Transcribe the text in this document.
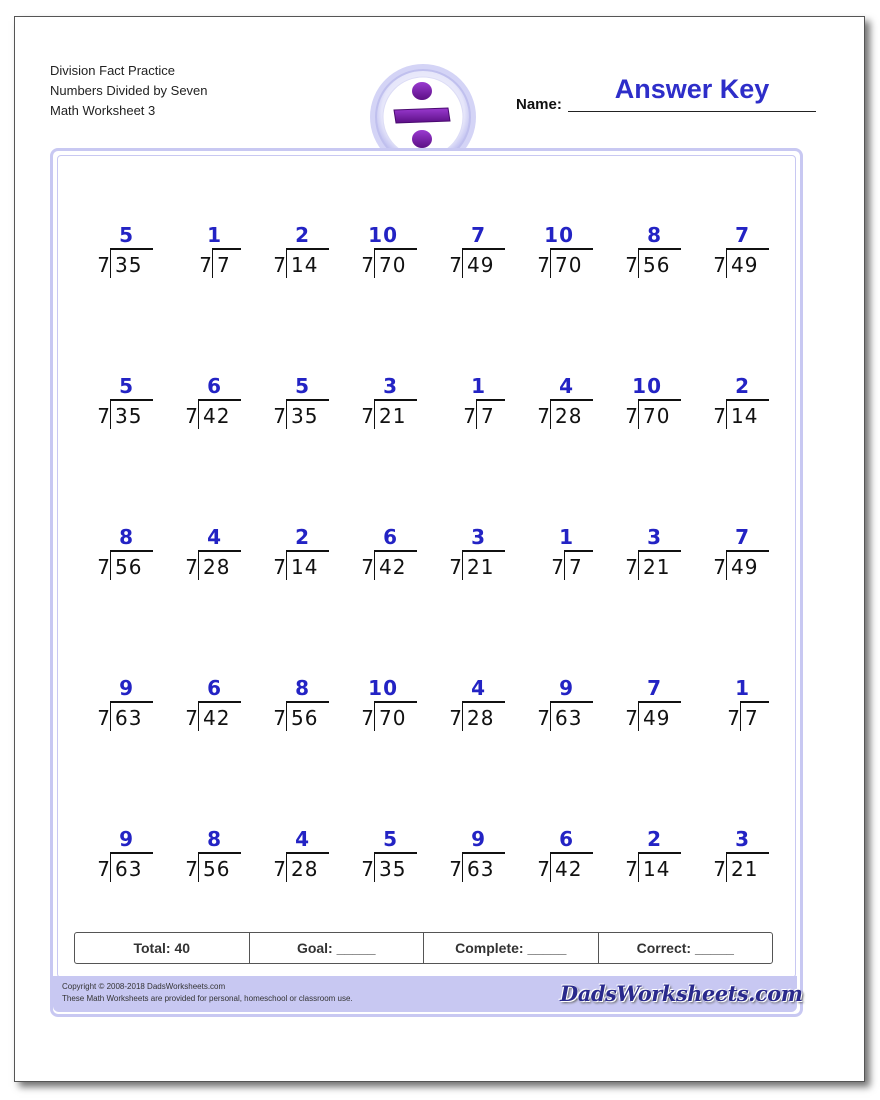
Division Fact Practice
Numbers Divided by Seven
Math Worksheet 3	Name:
Answer Key
5
7 35
1
7 7
2
7 14
10
7 70
7
7 49
10
7 70
8
7 56
7
7 49
5
7 35
6
7 42
5
7 35
3
7 21
1
7 7
4
7 28
10
7 70
2
7 14
8
7 56
4
7 28
2
7 14
6
7 42
3
7 21
1
7 7
3
7 21
7
7 49
9
7 63
6
7 42
8
7 56
10
7 70
4
7 28
9
7 63
7
7 49
1
7 7
9
7 63
8
7 56
4
7 28
5
7 35
9
7 63
6
7 42
2
7 14
3
7 21
Total: 40	Goal: _____	Complete: _____	Correct: _____
Copyright © 2008-2018 DadsWorksheets.com
These Math Worksheets are provided for personal, homeschool or classroom use.	DadsWorksheets.com
